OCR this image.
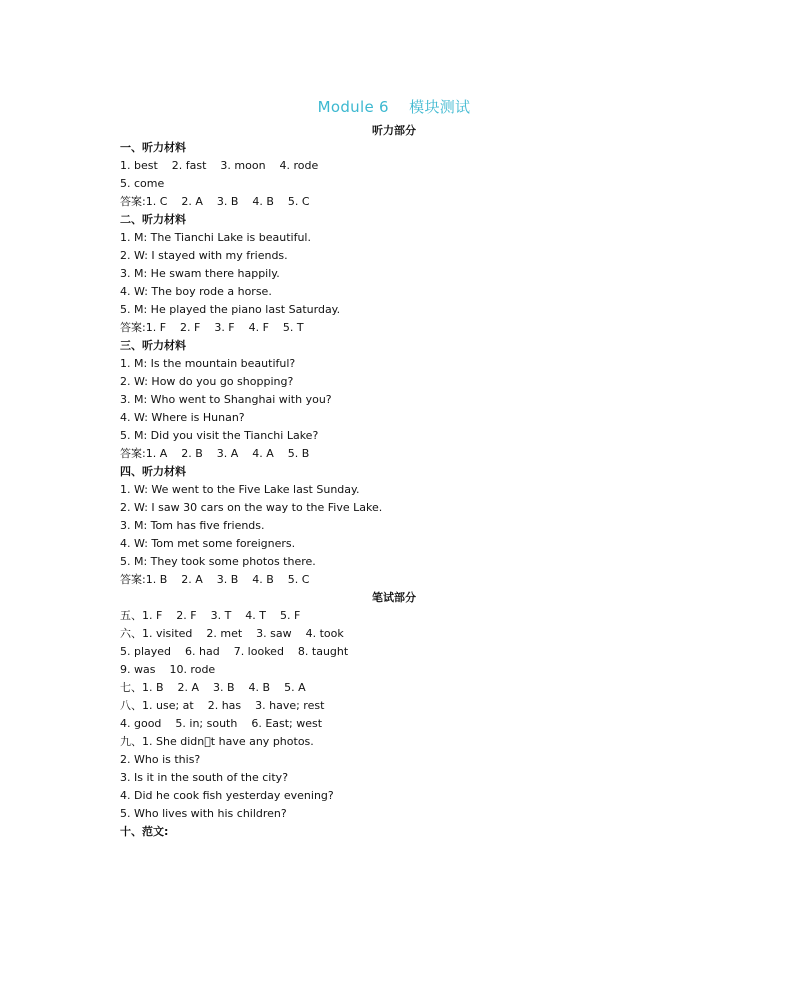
Module 6    模块测试
听力部分
一、听力材料
1. best    2. fast    3. moon    4. rode
5. come
答案:1. C    2. A    3. B    4. B    5. C
二、听力材料
1. M: The Tianchi Lake is beautiful.
2. W: I stayed with my friends.
3. M: He swam there happily.
4. W: The boy rode a horse.
5. M: He played the piano last Saturday.
答案:1. F    2. F    3. F    4. F    5. T
三、听力材料
1. M: Is the mountain beautiful?
2. W: How do you go shopping?
3. M: Who went to Shanghai with you?
4. W: Where is Hunan?
5. M: Did you visit the Tianchi Lake?
答案:1. A    2. B    3. A    4. A    5. B
四、听力材料
1. W: We went to the Five Lake last Sunday.
2. W: I saw 30 cars on the way to the Five Lake.
3. M: Tom has five friends.
4. W: Tom met some foreigners.
5. M: They took some photos there.
答案:1. B    2. A    3. B    4. B    5. C
五、1. F    2. F    3. T    4. T    5. F
六、1. visited    2. met    3. saw    4. took
5. played    6. had    7. looked    8. taught
9. was    10. rode
七、1. B    2. A    3. B    4. B    5. A
八、1. use; at    2. has    3. have; rest
4. good    5. in; south    6. East; west
九、1. She didn t have any photos.
2. Who is this?
3. Is it in the south of the city?
4. Did he cook fish yesterday evening?
5. Who lives with his children?
十、范文:
笔试部分
